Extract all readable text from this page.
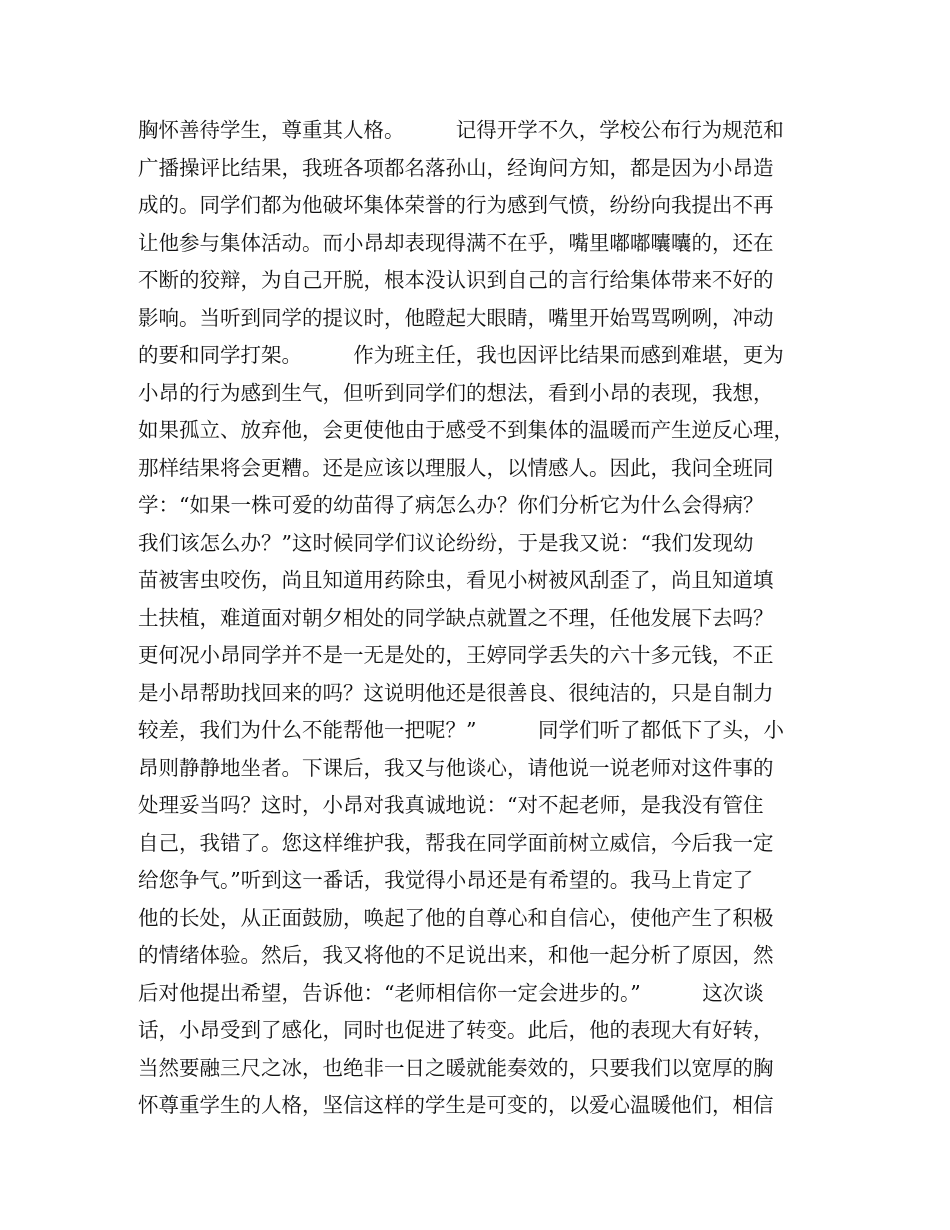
胸怀善待学生，尊重其人格。　　　记得开学不久，学校公布行为规范和
广播操评比结果，我班各项都名落孙山，经询问方知，都是因为小昂造
成的。同学们都为他破坏集体荣誉的行为感到气愤，纷纷向我提出不再
让他参与集体活动。而小昂却表现得满不在乎，嘴里嘟嘟囔囔的，还在
不断的狡辩，为自己开脱，根本没认识到自己的言行给集体带来不好的
影响。当听到同学的提议时，他瞪起大眼睛，嘴里开始骂骂咧咧，冲动
的要和同学打架。　　　作为班主任，我也因评比结果而感到难堪，更为
小昂的行为感到生气，但听到同学们的想法，看到小昂的表现，我想，
如果孤立、放弃他，会更使他由于感受不到集体的温暖而产生逆反心理，
那样结果将会更糟。还是应该以理服人，以情感人。因此，我问全班同
学：“如果一株可爱的幼苗得了病怎么办？你们分析它为什么会得病？
我们该怎么办？”这时候同学们议论纷纷，于是我又说：“我们发现幼
苗被害虫咬伤，尚且知道用药除虫，看见小树被风刮歪了，尚且知道填
土扶植，难道面对朝夕相处的同学缺点就置之不理，任他发展下去吗？
更何况小昂同学并不是一无是处的，王婷同学丢失的六十多元钱，不正
是小昂帮助找回来的吗？这说明他还是很善良、很纯洁的，只是自制力
较差，我们为什么不能帮他一把呢？”　　　同学们听了都低下了头，小
昂则静静地坐者。下课后，我又与他谈心，请他说一说老师对这件事的
处理妥当吗？这时，小昂对我真诚地说：“对不起老师，是我没有管住
自己，我错了。您这样维护我，帮我在同学面前树立威信，今后我一定
给您争气。”听到这一番话，我觉得小昂还是有希望的。我马上肯定了
他的长处，从正面鼓励，唤起了他的自尊心和自信心，使他产生了积极
的情绪体验。然后，我又将他的不足说出来，和他一起分析了原因，然
后对他提出希望，告诉他：“老师相信你一定会进步的。”　　　这次谈
话，小昂受到了感化，同时也促进了转变。此后，他的表现大有好转，
当然要融三尺之冰，也绝非一日之暖就能奏效的，只要我们以宽厚的胸
怀尊重学生的人格，坚信这样的学生是可变的，以爱心温暖他们，相信
